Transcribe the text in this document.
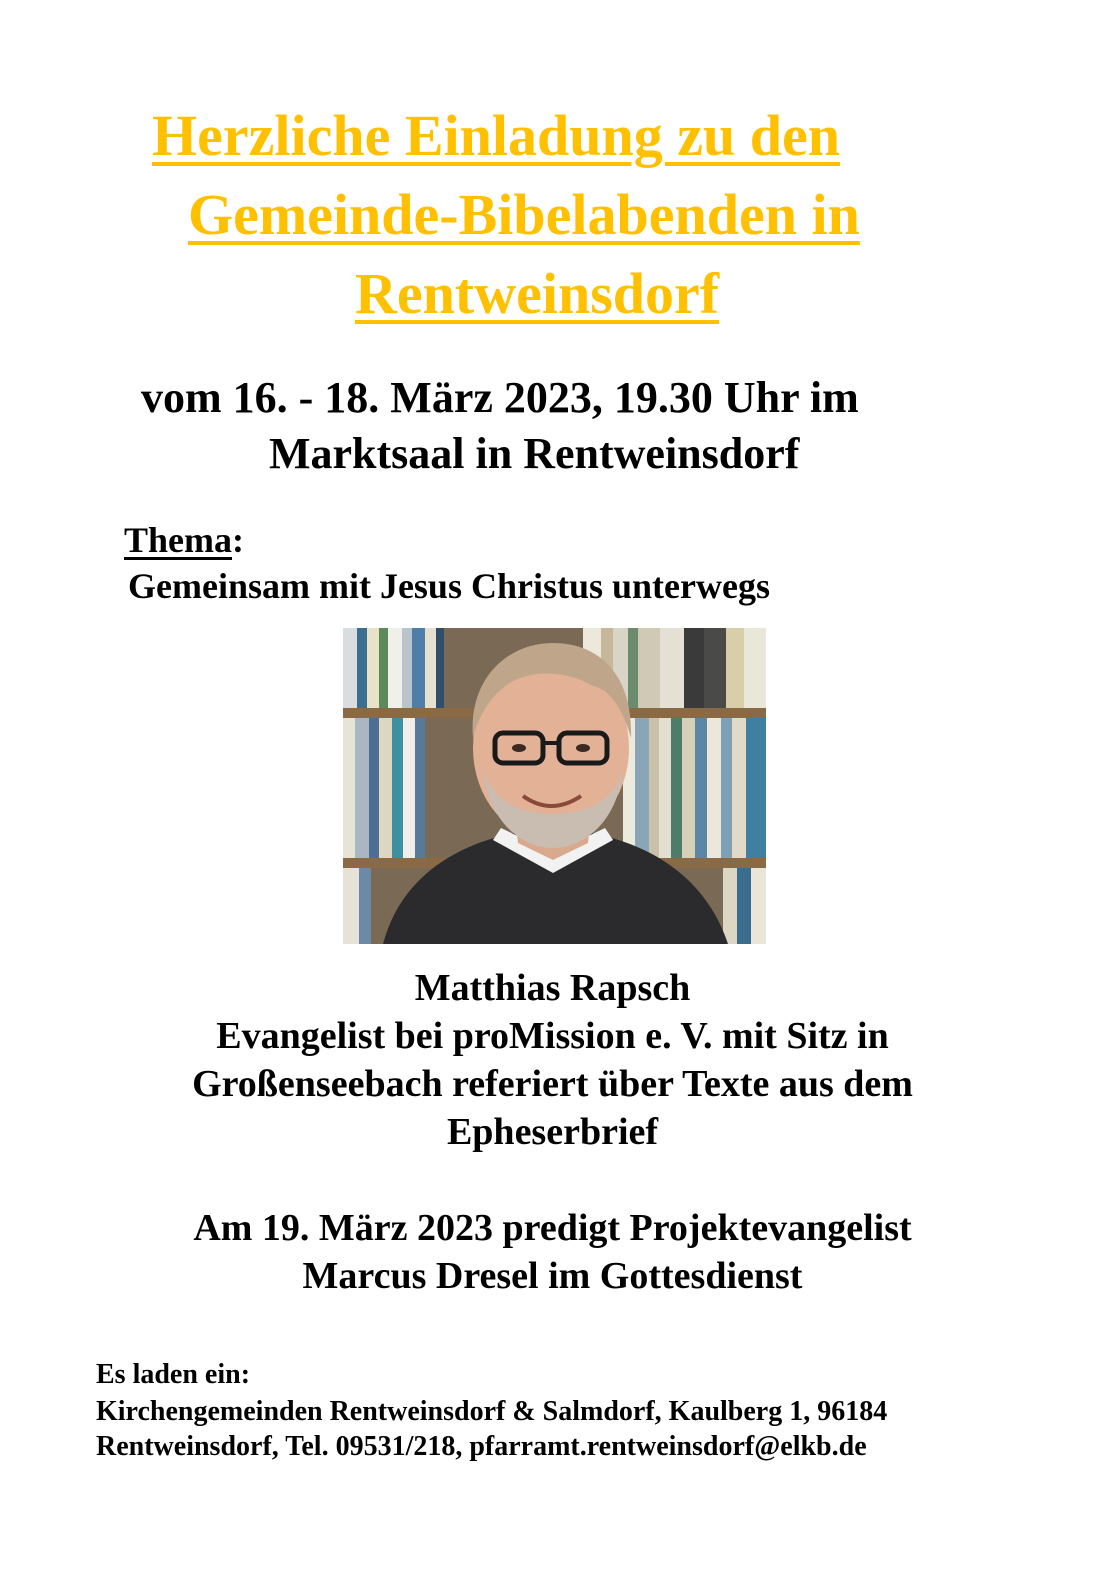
Herzliche Einladung zu den
Gemeinde-Bibelabenden in
Rentweinsdorf
vom 16. - 18. März 2023, 19.30 Uhr im
Marktsaal in Rentweinsdorf
Thema:
Gemeinsam mit Jesus Christus unterwegs
Matthias Rapsch
Evangelist bei proMission e. V. mit Sitz in
Großenseebach referiert über Texte aus dem
Epheserbrief
Am 19. März 2023 predigt Projektevangelist
Marcus Dresel im Gottesdienst
Es laden ein:
Kirchengemeinden Rentweinsdorf & Salmdorf, Kaulberg 1, 96184
Rentweinsdorf, Tel. 09531/218, pfarramt.rentweinsdorf@elkb.de
